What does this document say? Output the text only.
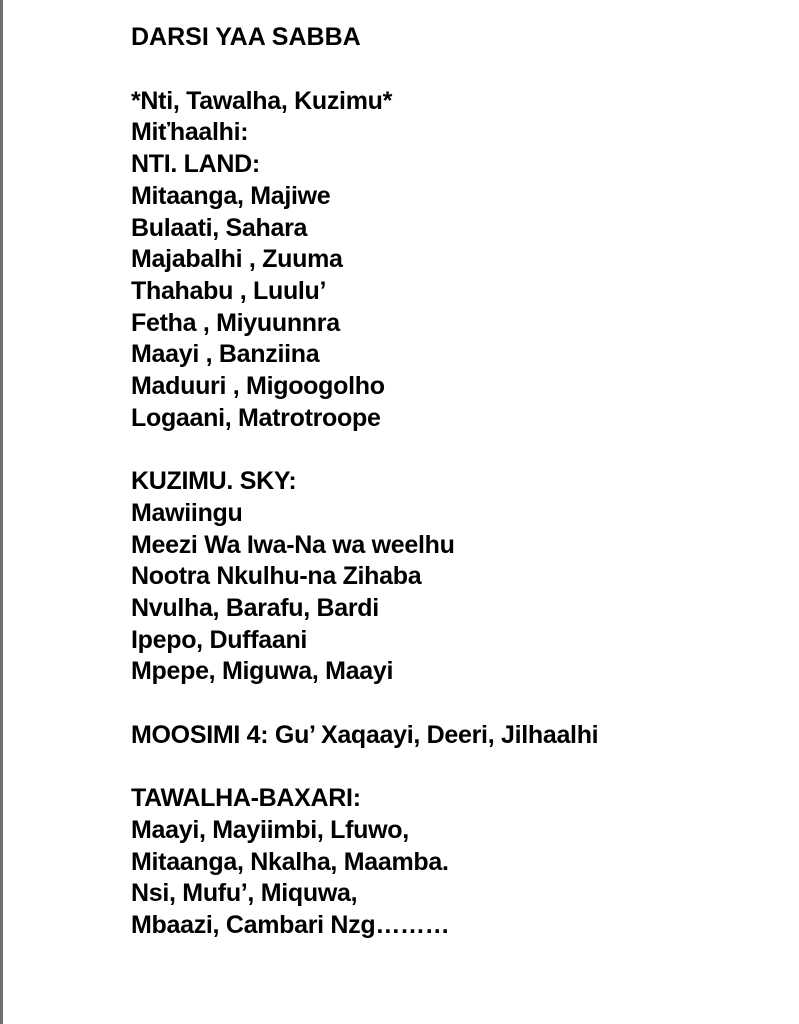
DARSI YAA SABBA
*Nti, Tawalha, Kuzimu*
Miťhaalhi:
NTI. LAND:
Mitaanga, Majiwe
Bulaati, Sahara
Majabalhi , Zuuma
Thahabu , Luulu’
Fetha , Miyuunnra
Maayi , Banziina
Maduuri , Migoogolho
Logaani, Matrotroope
KUZIMU. SKY:
Mawiingu
Meezi Wa Iwa-Na wa weelhu
Nootra Nkulhu-na Zihaba
Nvulha, Barafu, Bardi
Ipepo, Duffaani
Mpepe, Miguwa, Maayi
MOOSIMI 4: Gu’ Xaqaayi, Deeri, Jilhaalhi
TAWALHA-BAXARI:
Maayi, Mayiimbi, Lfuwo,
Mitaanga, Nkalha, Maamba.
Nsi, Mufu’, Miquwa,
Mbaazi, Cambari Nzg………
